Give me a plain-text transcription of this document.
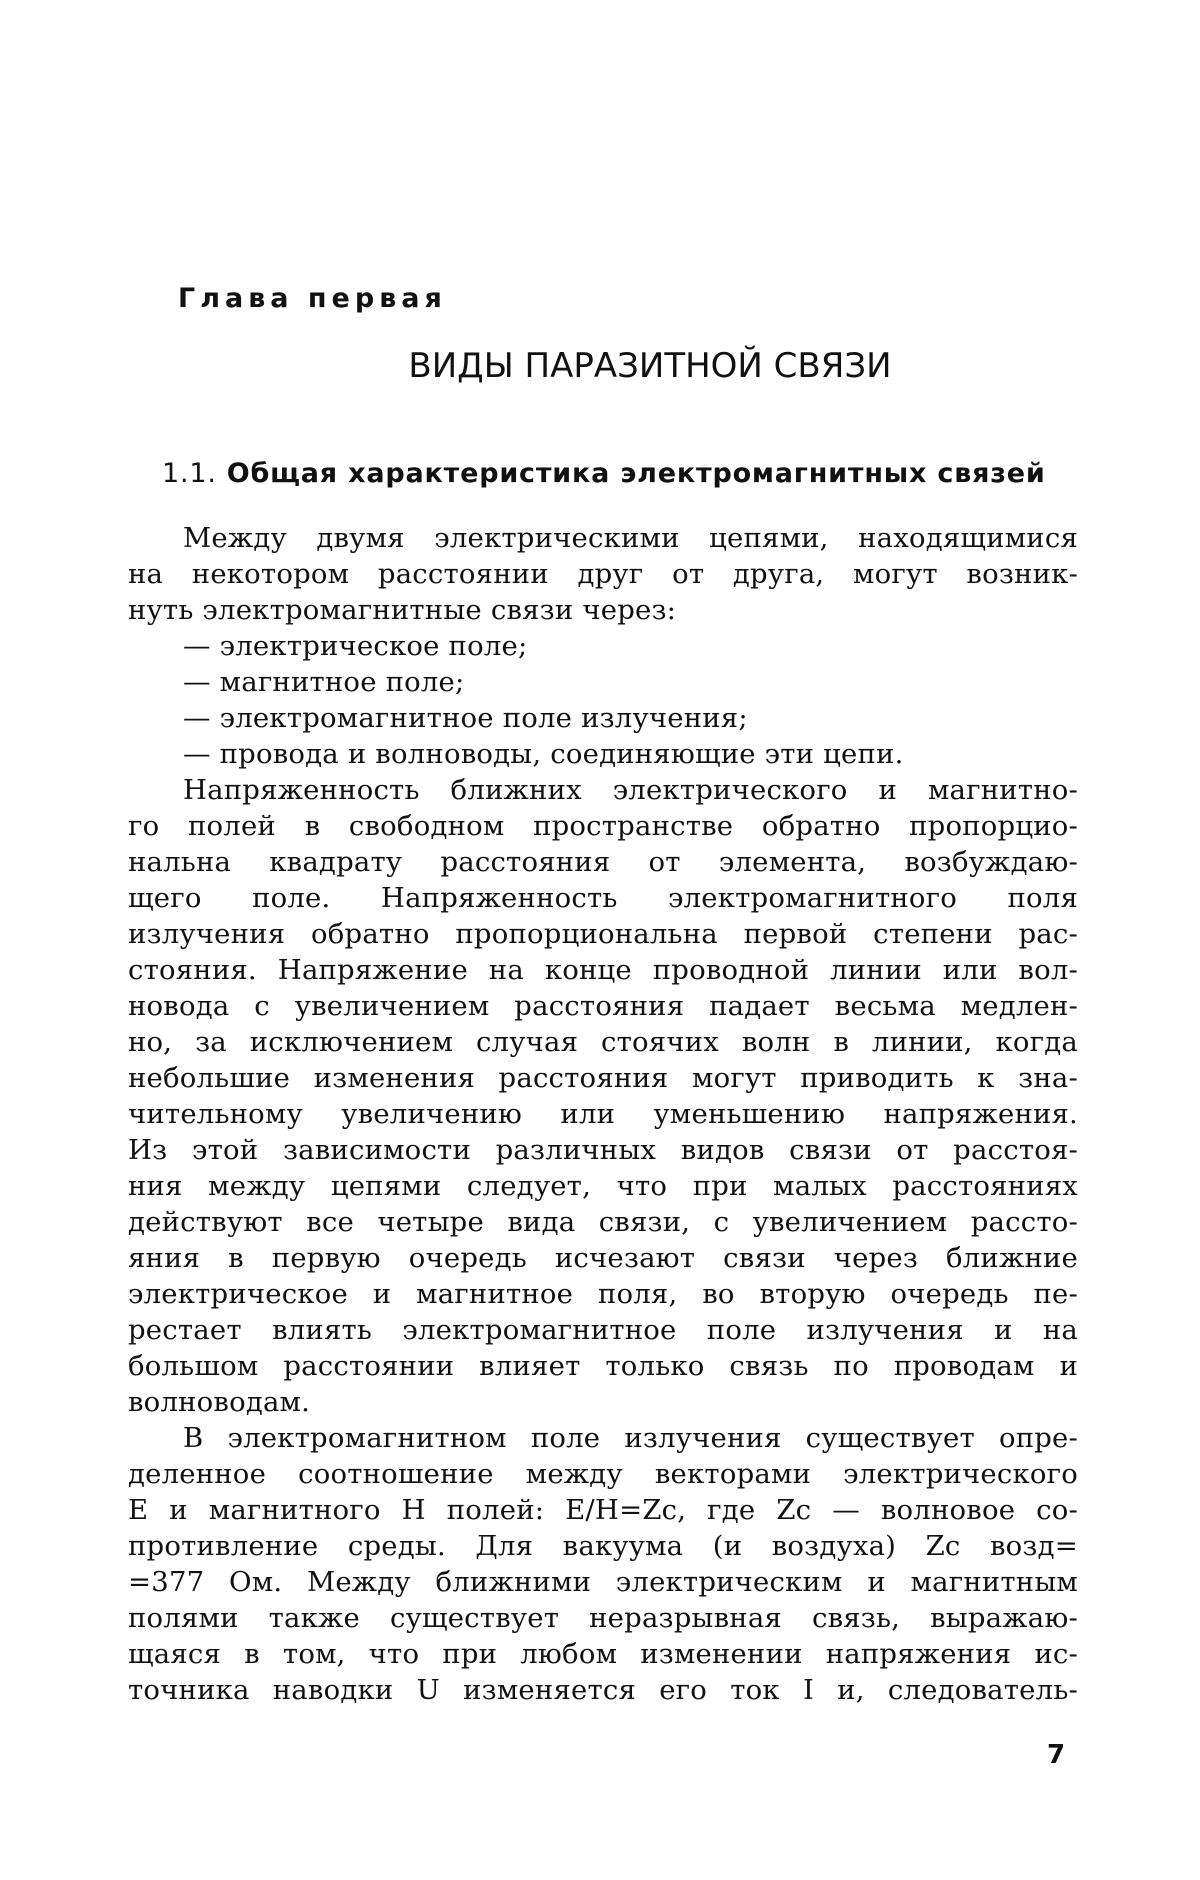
Глава первая
ВИДЫ ПАРАЗИТНОЙ СВЯЗИ
1.1. Общая характеристика электромагнитных связей
Между двумя электрическими цепями, находящимися
на некотором расстоянии друг от друга, могут возник-
нуть электромагнитные связи через:
— электрическое поле;
— магнитное поле;
— электромагнитное поле излучения;
— провода и волноводы, соединяющие эти цепи.
Напряженность ближних электрического и магнитно-
го полей в свободном пространстве обратно пропорцио-
нальна квадрату расстояния от элемента, возбуждаю-
щего поле. Напряженность электромагнитного поля
излучения обратно пропорциональна первой степени рас-
стояния. Напряжение на конце проводной линии или вол-
новода с увеличением расстояния падает весьма медлен-
но, за исключением случая стоячих волн в линии, когда
небольшие изменения расстояния могут приводить к зна-
чительному увеличению или уменьшению напряжения.
Из этой зависимости различных видов связи от расстоя-
ния между цепями следует, что при малых расстояниях
действуют все четыре вида связи, с увеличением рассто-
яния в первую очередь исчезают связи через ближние
электрическое и магнитное поля, во вторую очередь пе-
рестает влиять электромагнитное поле излучения и на
большом расстоянии влияет только связь по проводам и
волноводам.
В электромагнитном поле излучения существует опре-
деленное соотношение между векторами электрического
E и магнитного H полей: E/H=Zc, где Zc — волновое со-
противление среды. Для вакуума (и воздуха) Zc возд=
=377 Ом. Между ближними электрическим и магнитным
полями также существует неразрывная связь, выражаю-
щаяся в том, что при любом изменении напряжения ис-
точника наводки U изменяется его ток I и, следователь-
7
